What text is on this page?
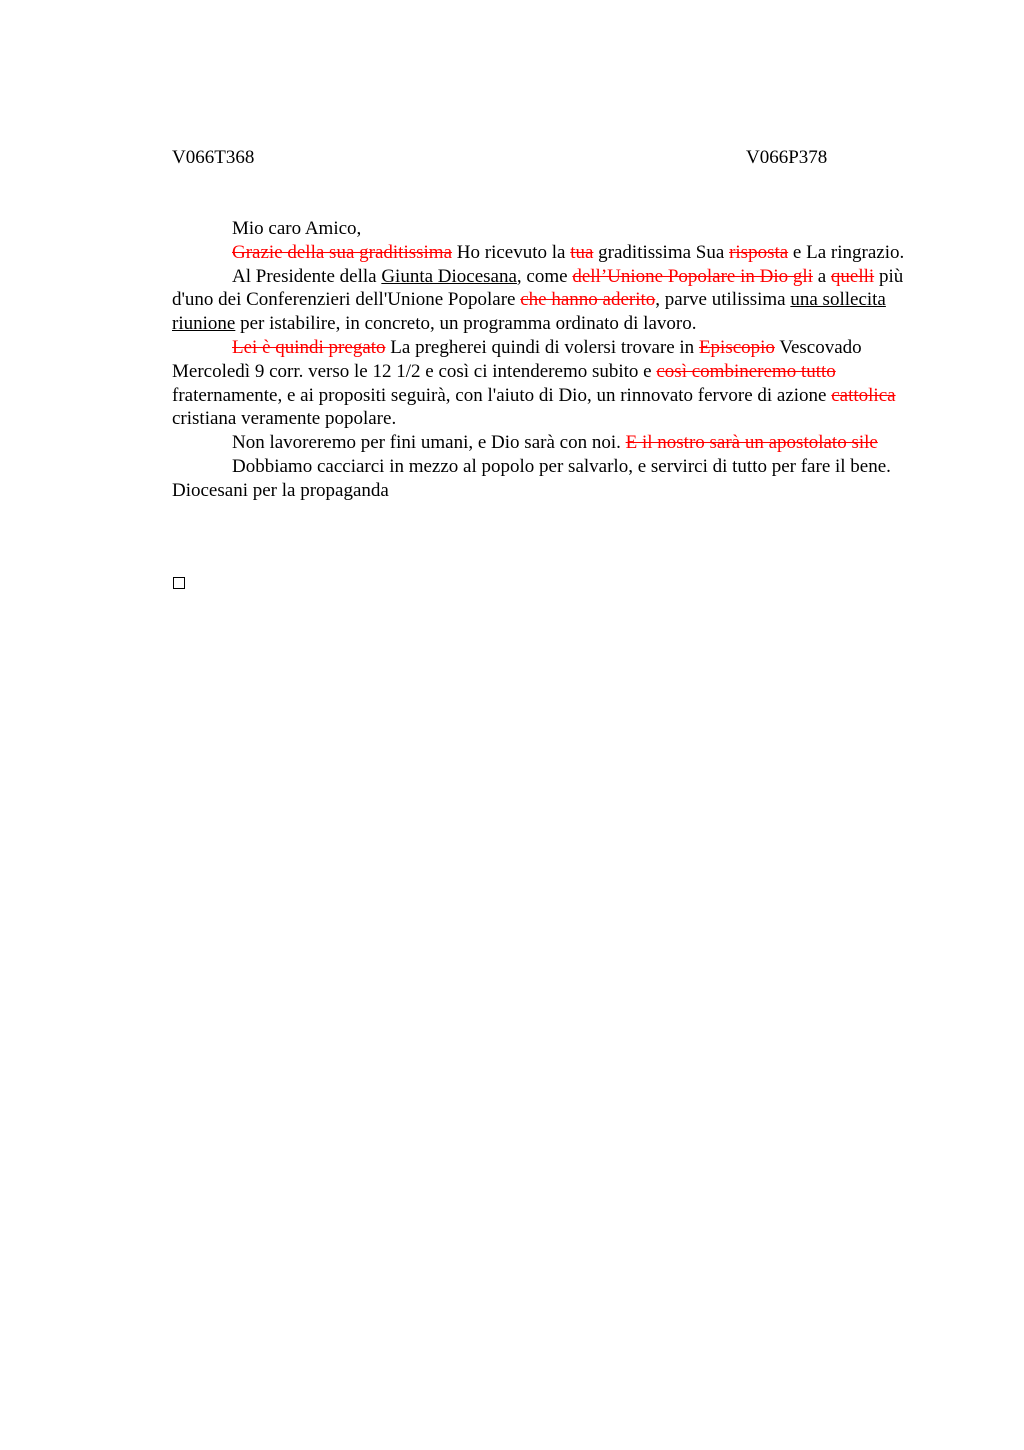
V066T368	V066P378

Mio caro Amico,

Grazie della sua graditissima Ho ricevuto la tua graditissima Sua risposta e La ringrazio.

Al Presidente della Giunta Diocesana, come dell’Unione Popolare in Dio gli a quelli più d'uno dei Conferenzieri dell'Unione Popolare che hanno aderito, parve utilissima una sollecita riunione per istabilire, in concreto, un programma ordinato di lavoro.

Lei è quindi pregato La pregherei quindi di volersi trovare in Episcopio Vescovado Mercoledì 9 corr. verso le 12 1/2 e così ci intenderemo subito e così combineremo tutto fraternamente, e ai propositi seguirà, con l'aiuto di Dio, un rinnovato fervore di azione cattolica cristiana veramente popolare.

Non lavoreremo per fini umani, e Dio sarà con noi. E il nostro sarà un apostolato sile

Dobbiamo cacciarci in mezzo al popolo per salvarlo, e servirci di tutto per fare il bene.    Diocesani per la propaganda
